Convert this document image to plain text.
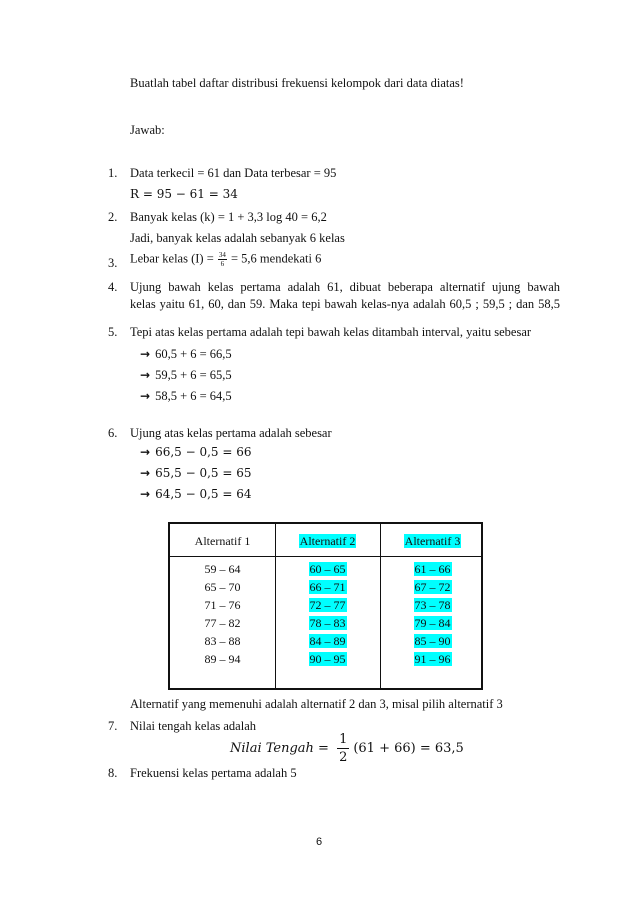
Buatlah tabel daftar distribusi frekuensi kelompok dari data diatas!
Jawab:
1. Data terkecil = 61 dan Data terbesar = 95
R = 95 − 61 = 34
2. Banyak kelas (k) = 1 + 3,3 log 40 = 6,2
Jadi, banyak kelas adalah sebanyak 6 kelas
3. Lebar kelas $(I) = \frac{34}{6} = 5,6$ mendekati 6
4. Ujung bawah kelas pertama adalah 61, dibuat beberapa alternatif ujung bawah
kelas yaitu 61, 60, dan 59. Maka tepi bawah kelas-nya adalah 60,5 ; 59,5 ; dan 58,5
5. Tepi atas kelas pertama adalah tepi bawah kelas ditambah interval, yaitu sebesar
→ 60,5 + 6 = 66,5
→ 59,5 + 6 = 65,5
→ 58,5 + 6 = 64,5
6. Ujung atas kelas pertama adalah sebesar
→ 66,5 − 0,5 = 66
→ 65,5 − 0,5 = 65
→ 64,5 − 0,5 = 64
Alternatif 1	Alternatif 2	Alternatif 3
59 – 64
65 – 70
71 – 76
77 – 82
83 – 88
89 – 94
60 – 65
66 – 71
72 – 77
78 – 83
84 – 89
90 – 95
61 – 66
67 – 72
73 – 78
79 – 84
85 – 90
91 – 96
Alternatif yang memenuhi adalah alternatif 2 dan 3, misal pilih alternatif 3
7. Nilai tengah kelas adalah
Nilai Tengah = $\frac{1}{2} (61 + 66) = 63,5$
8. Frekuensi kelas pertama adalah 5
6
